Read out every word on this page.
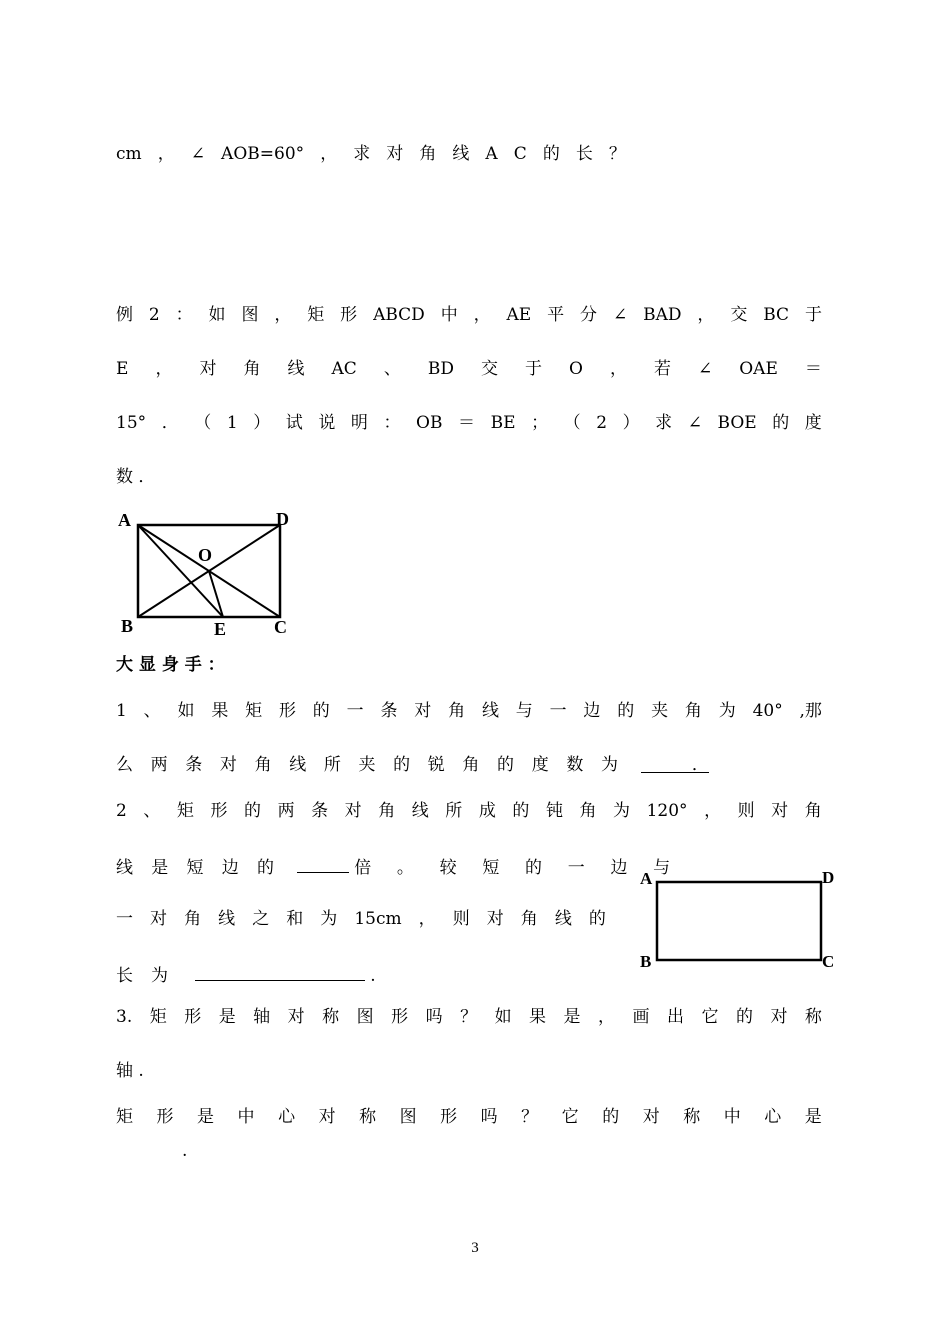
cm ， ∠ AOB=60° ， 求 对 角 线 A C 的 长 ？
例 2 ： 如 图 ， 矩 形 ABCD 中 ， AE 平 分 ∠ BAD ， 交 BC 于
E ， 对 角 线 AC 、 BD 交 于 O ， 若 ∠ OAE ＝
15° ． （ 1 ） 试 说 明 ： OB ＝ BE ； （ 2 ） 求 ∠ BOE 的 度
数 ．
A	D
O
B	E	C
大 显 身 手 ：
1 、 如 果 矩 形 的 一 条 对 角 线 与 一 边 的 夹 角 为 40° ,那
么 两 条 对 角 线 所 夹 的 锐 角 的 度 数 为	．
2 、 矩 形 的 两 条 对 角 线 所 成 的 钝 角 为 120° ， 则 对 角
线 是 短 边 的
	倍 。 较 短 的 一 边 与
一 对 角 线 之 和 为 15cm ， 则 对 角 线 的
长 为	.
A	D
B	C
3. 矩 形 是 轴 对 称 图 形 吗 ？ 如 果 是 ， 画 出 它 的 对 称
轴 .
矩 形 是 中 心 对 称 图 形 吗 ？ 它 的 对 称 中 心 是
.
3
